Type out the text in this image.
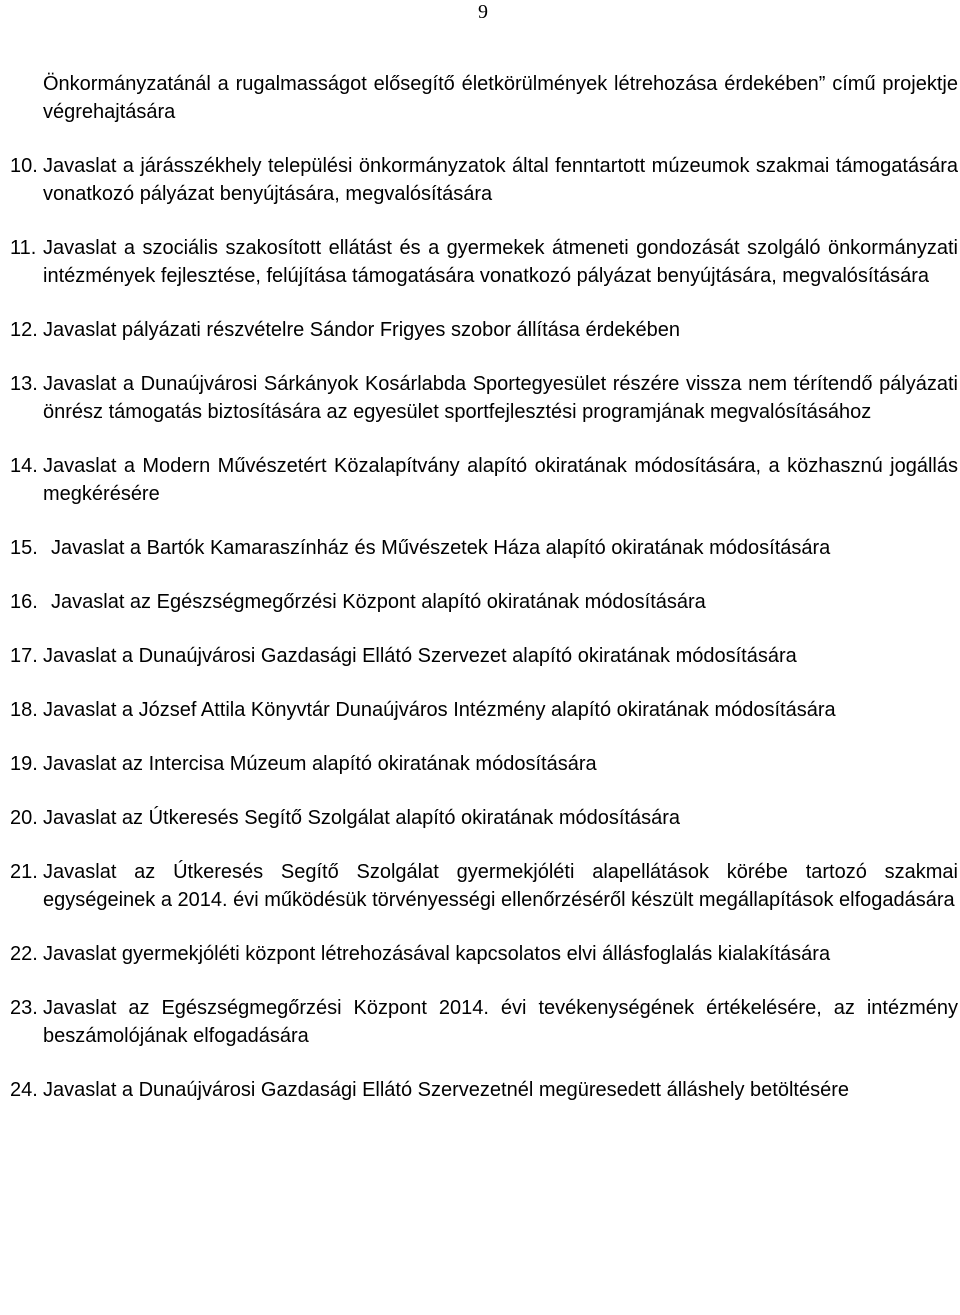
9
Önkormányzatánál a rugalmasságot elősegítő életkörülmények létrehozása érdekében” című projektje végrehajtására
10. Javaslat a járásszékhely települési önkormányzatok által fenntartott múzeumok szakmai támogatására vonatkozó pályázat benyújtására, megvalósítására
11. Javaslat a szociális szakosított ellátást és a gyermekek átmeneti gondozását szolgáló önkormányzati intézmények fejlesztése, felújítása támogatására vonatkozó pályázat benyújtására, megvalósítására
12. Javaslat pályázati részvételre Sándor Frigyes szobor állítása érdekében
13. Javaslat a Dunaújvárosi Sárkányok Kosárlabda Sportegyesület részére vissza nem térítendő pályázati önrész támogatás biztosítására az egyesület sportfejlesztési programjának megvalósításához
14. Javaslat a Modern Művészetért Közalapítvány alapító okiratának módosítására, a közhasznú jogállás megkérésére
15. Javaslat a Bartók Kamaraszínház és Művészetek Háza alapító okiratának módosítására
16. Javaslat az Egészségmegőrzési Központ alapító okiratának módosítására
17. Javaslat a Dunaújvárosi Gazdasági Ellátó Szervezet alapító okiratának módosítására
18. Javaslat a József Attila Könyvtár Dunaújváros Intézmény alapító okiratának módosítására
19. Javaslat az Intercisa Múzeum alapító okiratának módosítására
20. Javaslat az Útkeresés Segítő Szolgálat alapító okiratának módosítására
21. Javaslat az Útkeresés Segítő Szolgálat gyermekjóléti alapellátások körébe tartozó szakmai egységeinek a 2014. évi működésük törvényességi ellenőrzéséről készült megállapítások elfogadására
22. Javaslat gyermekjóléti központ létrehozásával kapcsolatos elvi állásfoglalás kialakítására
23. Javaslat az Egészségmegőrzési Központ 2014. évi tevékenységének értékelésére, az intézmény beszámolójának elfogadására
24. Javaslat a Dunaújvárosi Gazdasági Ellátó Szervezetnél megüresedett álláshely betöltésére
